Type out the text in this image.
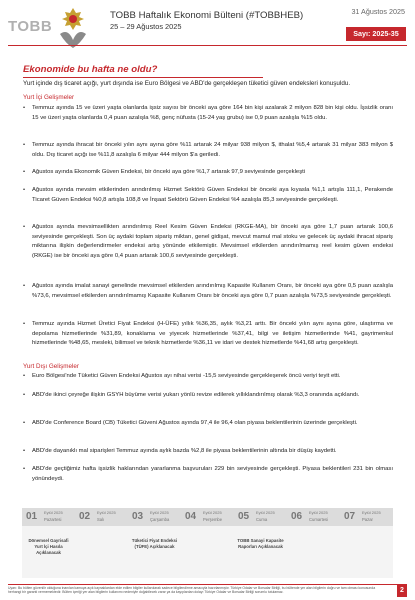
TOBB
TOBB Haftalık Ekonomi Bülteni (#TOBBHEB)
25 – 29 Ağustos 2025
31 Ağustos 2025
Sayı: 2025-35
Ekonomide bu hafta ne oldu?
Yurt içinde dış ticaret açığı, yurt dışında ise Euro Bölgesi ve ABD'de gerçekleşen tüketici güven endeksleri konuşuldu.
Yurt İçi Gelişmeler
• Temmuz ayında 15 ve üzeri yaşta olanlarda işsiz sayısı bir önceki aya göre 164 bin kişi azalarak 2 milyon 828 bin kişi oldu. İşsizlik oranı 15 ve üzeri yaşta olanlarda 0,4 puan azalışla %8, genç nüfusta (15-24 yaş grubu) ise 0,9 puan azalışla %15 oldu.
• Temmuz ayında ihracat bir önceki yılın aynı ayına göre %11 artarak 24 milyar 938 milyon $, ithalat %5,4 artarak 31 milyar 383 milyon $ oldu. Dış ticaret açığı ise %11,8 azalışla 6 milyar 444 milyon $'a geriledi.
• Ağustos ayında Ekonomik Güven Endeksi, bir önceki aya göre %1,7 artarak 97,9 seviyesinde gerçekleşti
• Ağustos ayında mevsim etkilerinden arındırılmış Hizmet Sektörü Güven Endeksi bir önceki aya kıyasla %1,1 artışla 111,1, Perakende Ticaret Güven Endeksi %0,8 artışla 108,8 ve İnşaat Sektörü Güven Endeksi %4 azalışla 85,3 seviyesinde gerçekleşti.
• Ağustos ayında mevsimsellikten arındırılmış Reel Kesim Güven Endeksi (RKGE-MA), bir önceki aya göre 1,7 puan artarak 100,6 seviyesinde gerçekleşti. Son üç aydaki toplam sipariş miktarı, genel gidişat, mevcut mamul mal stoku ve gelecek üç aydaki ihracat sipariş miktarına ilişkin değerlendirmeler endeksi artış yönünde etkilemiştir. Mevsimsel etkilerden arındırılmamış reel kesim güven endeksi (RKGE) ise bir önceki aya göre 0,4 puan artarak 100,6 seviyesinde gerçekleşti.
• Ağustos ayında imalat sanayi genelinde mevsimsel etkilerden arındırılmış Kapasite Kullanım Oranı, bir önceki aya göre 0,5 puan azalışla %73,6, mevsimsel etkilerden arındırılmamış Kapasite Kullanım Oranı bir önceki aya göre 0,7 puan azalışla %73,5 seviyesinde gerçekleşti.
• Temmuz ayında Hizmet Üretici Fiyat Endeksi (H-ÜFE) yıllık %36,35, aylık %3,21 arttı. Bir önceki yılın aynı ayına göre, ulaştırma ve depolama hizmetlerinde %31,89, konaklama ve yiyecek hizmetlerinde %37,41, bilgi ve iletişim hizmetlerinde %41, gayrimenkul hizmetlerinde %48,65, mesleki, bilimsel ve teknik hizmetlerde %36,11 ve idari ve destek hizmetlerde %41,68 artış gerçekleşti.
Yurt Dışı Gelişmeler
• Euro Bölgesi'nde Tüketici Güven Endeksi Ağustos ayı nihai verisi -15,5 seviyesinde gerçekleşerek öncü veriyi teyit etti.
• ABD'de ikinci çeyreğe ilişkin GSYH büyüme verisi yukarı yönlü revize edilerek yıllıklandırılmış olarak %3,3 oranında açıklandı.
• ABD'de Conference Board (CB) Tüketici Güveni Ağustos ayında 97,4 ile 96,4 olan piyasa beklentilerinin üzerinde gerçekleşti.
• ABD'de dayanıklı mal siparişleri Temmuz ayında aylık bazda %2,8 ile piyasa beklentilerinin altında bir düşüş kaydetti.
• ABD'de geçtiğimiz hafta işsizlik haklarından yararlanma başvuruları 229 bin seviyesinde gerçekleşti. Piyasa beklentileri 231 bin olması yönündeydi.
01 Eylül 2025
Pazartesi
Dönemsel Gayrisafi Yurt İçi Hasıla Açıklanacak
02 Eylül 2025
Salı	03 Eylül 2025
Çarşamba
Tüketici Fiyat Endeksi (TÜFE) Açıklanacak
04 Eylül 2025
Perşembe 05 Eylül 2025
Cuma
TOBB Sanayi Kapasite Raporları Açıklanacak
06 Eylül 2025
Cumartesi 07 Eylül 2025
Pazar
Uyarı: Bu bülten güvenilir olduğuna inanılan kamuya açık kaynaklardan elde edilen bilgiler kullanılarak sadece bilgilendirme amacıyla hazırlanmıştır. Türkiye Odalar ve Borsalar Birliği, bu bültende yer alan bilgilerin doğru ve tam olması konusunda herhangi bir garanti vermemektedir. Bülten içeriği yer alan bilgilerin kullanımı nedeniyle doğabilecek zarar ya da kayıplardan dolayı Türkiye Odalar ve Borsalar Birliği sorumlu tutulamaz.	2
